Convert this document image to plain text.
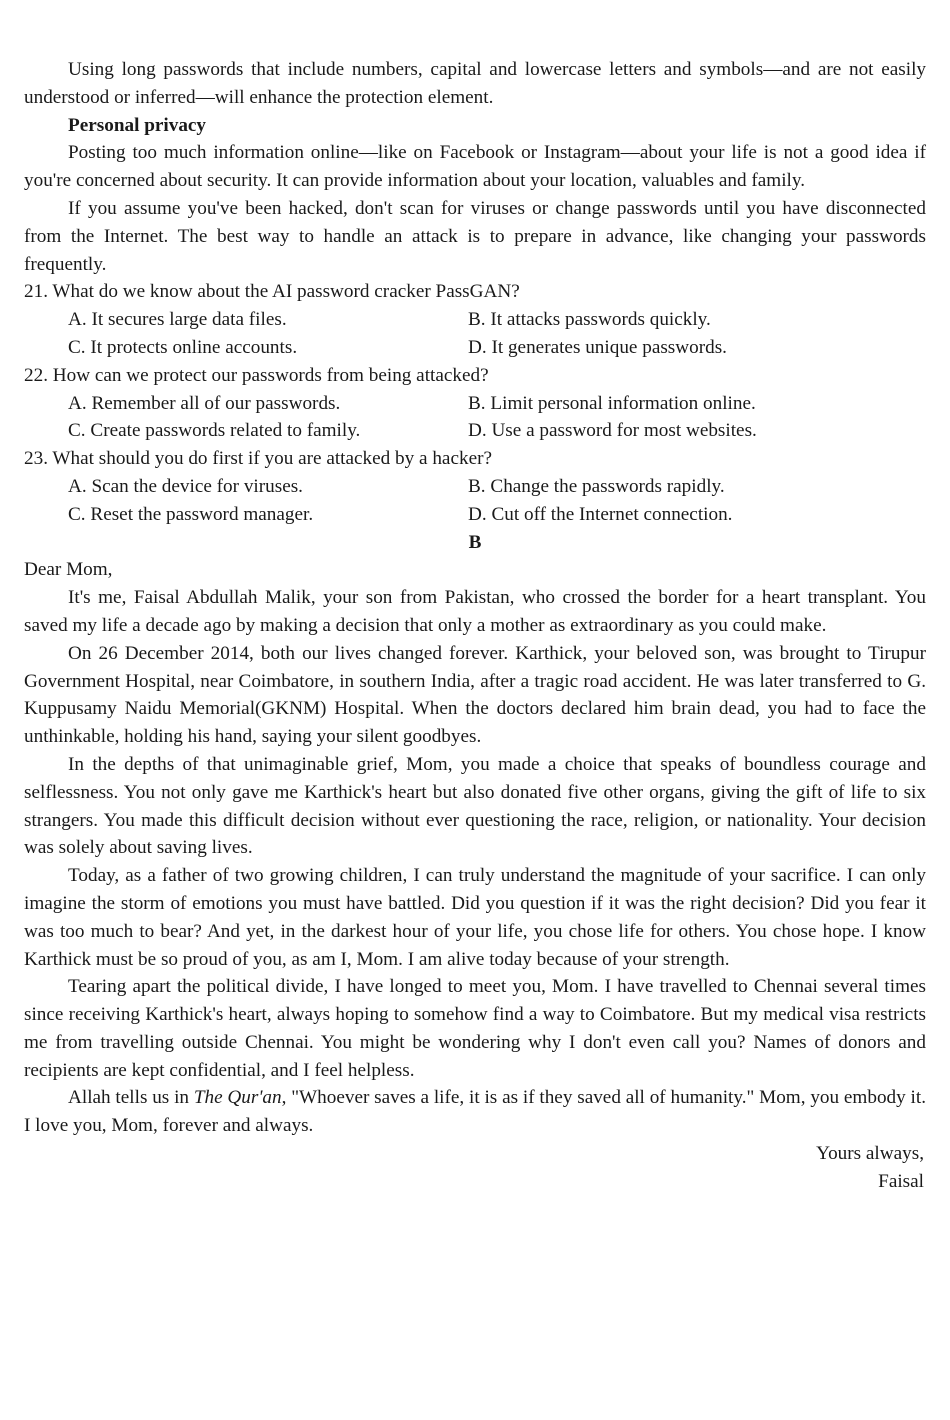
Using long passwords that include numbers, capital and lowercase letters and symbols—and are not easily understood or inferred—will enhance the protection element.

Personal privacy

Posting too much information online—like on Facebook or Instagram—about your life is not a good idea if you're concerned about security. It can provide information about your location, valuables and family.

If you assume you've been hacked, don't scan for viruses or change passwords until you have disconnected from the Internet. The best way to handle an attack is to prepare in advance, like changing your passwords frequently.

21. What do we know about the AI password cracker PassGAN?

A. It secures large data files.	B. It attacks passwords quickly.
C. It protects online accounts.	D. It generates unique passwords.

22. How can we protect our passwords from being attacked?

A. Remember all of our passwords.	B. Limit personal information online.
C. Create passwords related to family.	D. Use a password for most websites.

23. What should you do first if you are attacked by a hacker?

A. Scan the device for viruses.	B. Change the passwords rapidly.
C. Reset the password manager.	D. Cut off the Internet connection.

B

Dear Mom,

It's me, Faisal Abdullah Malik, your son from Pakistan, who crossed the border for a heart transplant. You saved my life a decade ago by making a decision that only a mother as extraordinary as you could make.

On 26 December 2014, both our lives changed forever. Karthick, your beloved son, was brought to Tirupur Government Hospital, near Coimbatore, in southern India, after a tragic road accident. He was later transferred to G. Kuppusamy Naidu Memorial(GKNM) Hospital. When the doctors declared him brain dead, you had to face the unthinkable, holding his hand, saying your silent goodbyes.

In the depths of that unimaginable grief, Mom, you made a choice that speaks of boundless courage and selflessness. You not only gave me Karthick's heart but also donated five other organs, giving the gift of life to six strangers. You made this difficult decision without ever questioning the race, religion, or nationality. Your decision was solely about saving lives.

Today, as a father of two growing children, I can truly understand the magnitude of your sacrifice. I can only imagine the storm of emotions you must have battled. Did you question if it was the right decision? Did you fear it was too much to bear? And yet, in the darkest hour of your life, you chose life for others. You chose hope. I know Karthick must be so proud of you, as am I, Mom. I am alive today because of your strength.

Tearing apart the political divide, I have longed to meet you, Mom. I have travelled to Chennai several times since receiving Karthick's heart, always hoping to somehow find a way to Coimbatore. But my medical visa restricts me from travelling outside Chennai. You might be wondering why I don't even call you? Names of donors and recipients are kept confidential, and I feel helpless.

Allah tells us in The Qur'an, "Whoever saves a life, it is as if they saved all of humanity." Mom, you embody it. I love you, Mom, forever and always.

Yours always,

Faisal
